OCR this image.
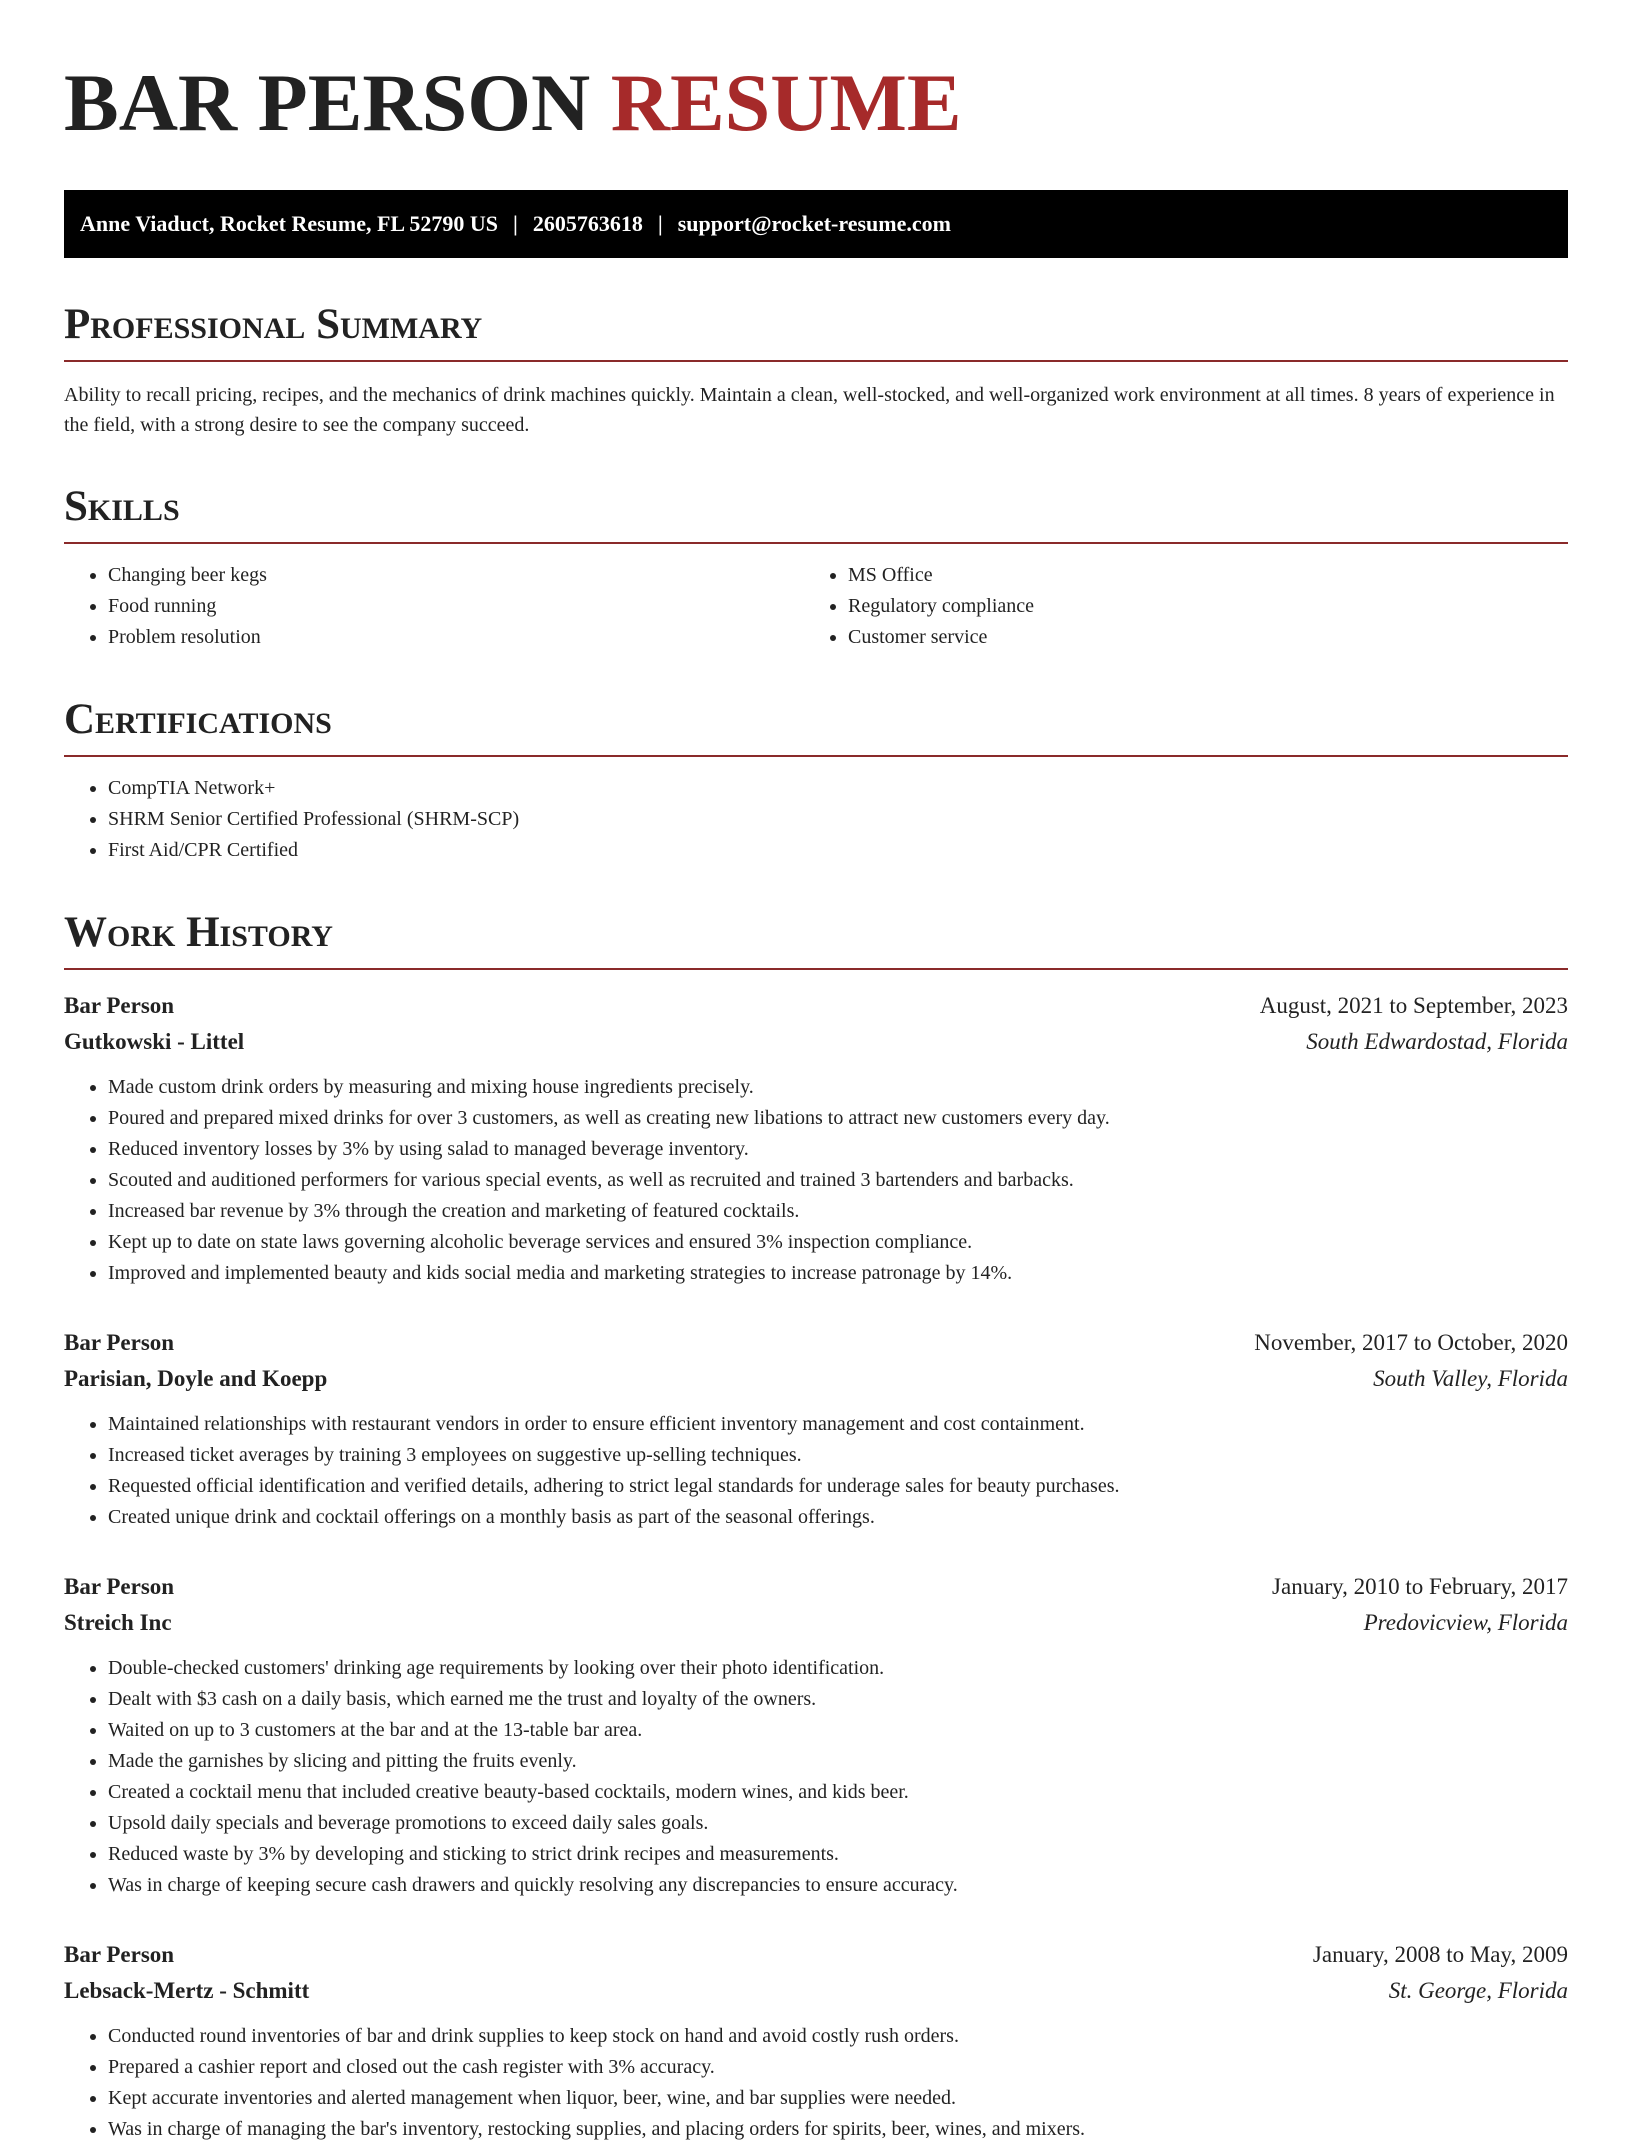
BAR PERSON RESUME
Anne Viaduct, Rocket Resume, FL 52790 US | 2605763618 | support@rocket-resume.com
Professional Summary

Ability to recall pricing, recipes, and the mechanics of drink machines quickly. Maintain a clean, well-stocked, and well-organized work environment at all times. 8 years of experience in the field, with a strong desire to see the company succeed.

Skills
• Changing beer kegs
• Food running
• Problem resolution
• MS Office
• Regulatory compliance
• Customer service
Certifications
• CompTIA Network+
• SHRM Senior Certified Professional (SHRM-SCP)
• First Aid/CPR Certified
Work History
Bar Person	August, 2021 to September, 2023
Gutkowski - Littel	South Edwardostad, Florida
• Made custom drink orders by measuring and mixing house ingredients precisely.
• Poured and prepared mixed drinks for over 3 customers, as well as creating new libations to attract new customers every day.
• Reduced inventory losses by 3% by using salad to managed beverage inventory.
• Scouted and auditioned performers for various special events, as well as recruited and trained 3 bartenders and barbacks.
• Increased bar revenue by 3% through the creation and marketing of featured cocktails.
• Kept up to date on state laws governing alcoholic beverage services and ensured 3% inspection compliance.
• Improved and implemented beauty and kids social media and marketing strategies to increase patronage by 14%.
Bar Person	November, 2017 to October, 2020
Parisian, Doyle and Koepp	South Valley, Florida
• Maintained relationships with restaurant vendors in order to ensure efficient inventory management and cost containment.
• Increased ticket averages by training 3 employees on suggestive up-selling techniques.
• Requested official identification and verified details, adhering to strict legal standards for underage sales for beauty purchases.
• Created unique drink and cocktail offerings on a monthly basis as part of the seasonal offerings.
Bar Person	January, 2010 to February, 2017
Streich Inc	Predovicview, Florida
• Double-checked customers' drinking age requirements by looking over their photo identification.
• Dealt with $3 cash on a daily basis, which earned me the trust and loyalty of the owners.
• Waited on up to 3 customers at the bar and at the 13-table bar area.
• Made the garnishes by slicing and pitting the fruits evenly.
• Created a cocktail menu that included creative beauty-based cocktails, modern wines, and kids beer.
• Upsold daily specials and beverage promotions to exceed daily sales goals.
• Reduced waste by 3% by developing and sticking to strict drink recipes and measurements.
• Was in charge of keeping secure cash drawers and quickly resolving any discrepancies to ensure accuracy.
Bar Person	January, 2008 to May, 2009
Lebsack-Mertz - Schmitt	St. George, Florida
• Conducted round inventories of bar and drink supplies to keep stock on hand and avoid costly rush orders.
• Prepared a cashier report and closed out the cash register with 3% accuracy.
• Kept accurate inventories and alerted management when liquor, beer, wine, and bar supplies were needed.
• Was in charge of managing the bar's inventory, restocking supplies, and placing orders for spirits, beer, wines, and mixers.
